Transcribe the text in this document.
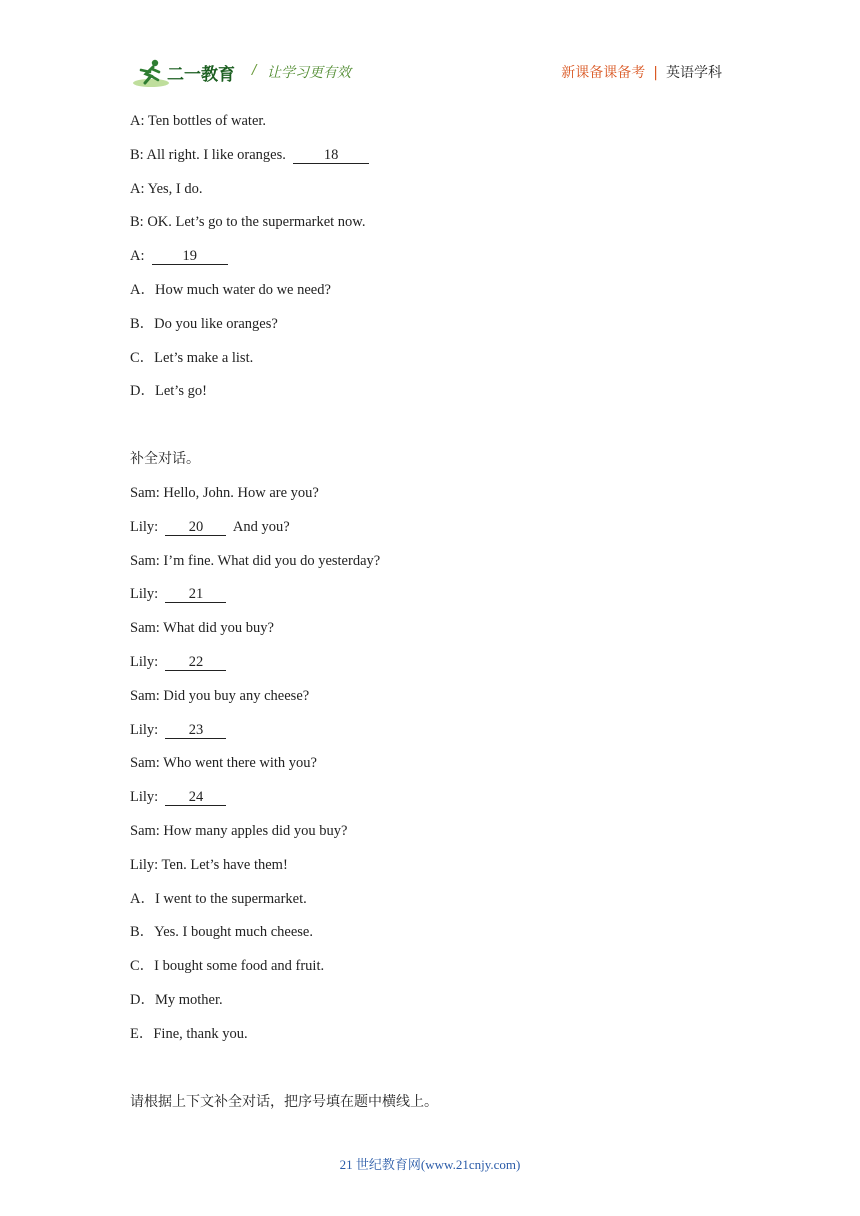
二一教育 / 让学习更有效	新课备课备考 | 英语学科
A: Ten bottles of water.
B: All right. I like oranges.	18
A: Yes, I do.
B: OK. Let’s go to the supermarket now.
A:	19
A．How much water do we need?
B．Do you like oranges?
C．Let’s make a list.
D．Let’s go!
补全对话。
Sam: Hello, John. How are you?
Lily: 20 And you?
Sam: I’m fine. What did you do yesterday?
Lily: 21
Sam: What did you buy?
Lily: 22
Sam: Did you buy any cheese?
Lily: 23
Sam: Who went there with you?
Lily: 24
Sam: How many apples did you buy?
Lily: Ten. Let’s have them!
A．I went to the supermarket.
B．Yes. I bought much cheese.
C．I bought some food and fruit.
D．My mother.
E．Fine, thank you.
请根据上下文补全对话，把序号填在题中横线上。
21 世纪教育网(www.21cnjy.com)
